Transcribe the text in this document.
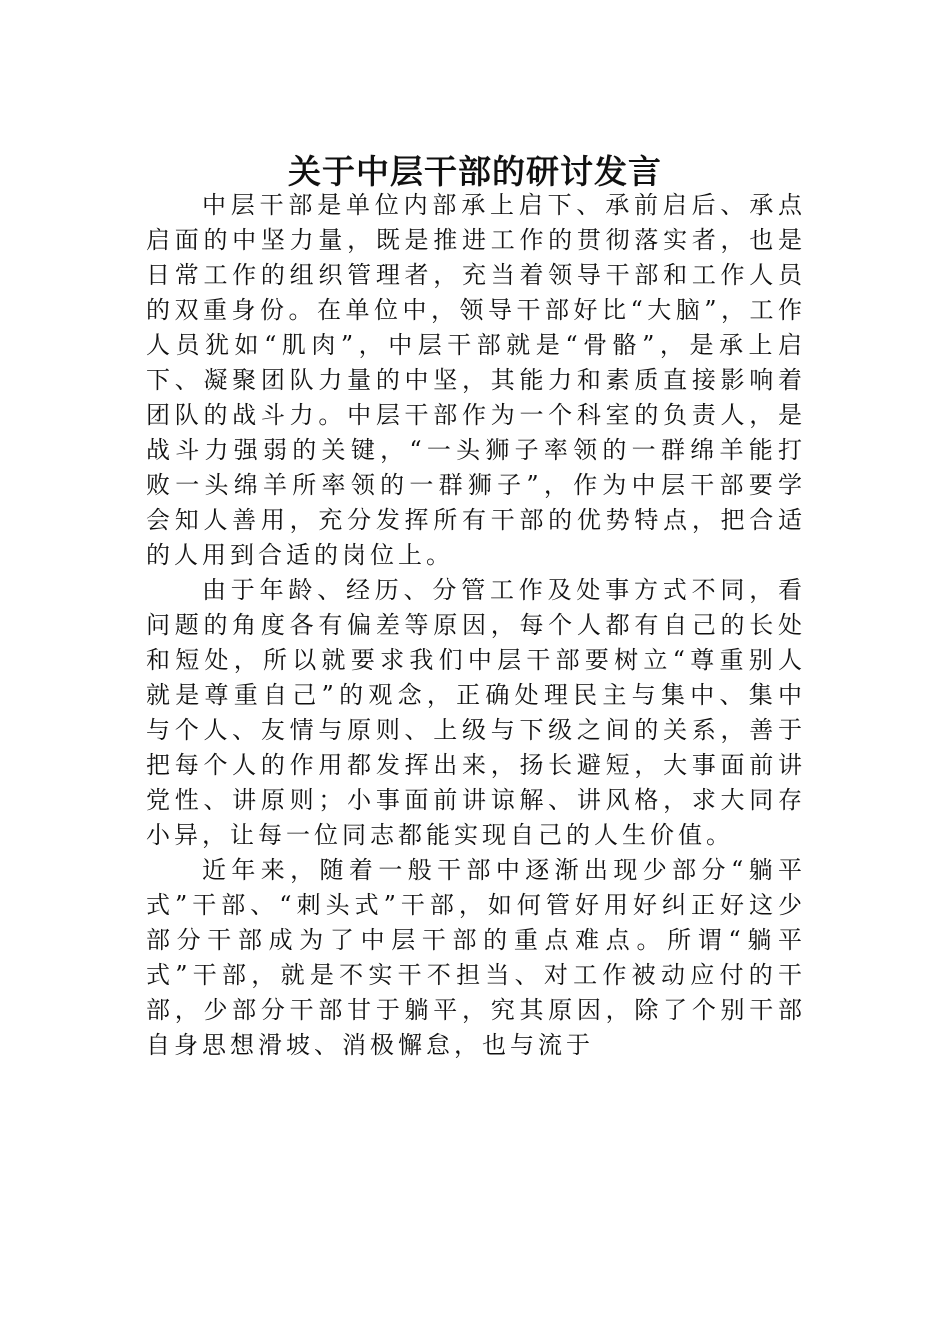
关于中层干部的研讨发言

中层干部是单位内部承上启下、承前启后、承点启面的中坚力量，既是推进工作的贯彻落实者，也是日常工作的组织管理者，充当着领导干部和工作人员的双重身份。在单位中，领导干部好比“大脑”，工作人员犹如“肌肉”，中层干部就是“骨骼”，是承上启下、凝聚团队力量的中坚，其能力和素质直接影响着团队的战斗力。中层干部作为一个科室的负责人，是战斗力强弱的关键，“一头狮子率领的一群绵羊能打败一头绵羊所率领的一群狮子”，作为中层干部要学会知人善用，充分发挥所有干部的优势特点，把合适的人用到合适的岗位上。

由于年龄、经历、分管工作及处事方式不同，看问题的角度各有偏差等原因，每个人都有自己的长处和短处，所以就要求我们中层干部要树立“尊重别人就是尊重自己”的观念，正确处理民主与集中、集中与个人、友情与原则、上级与下级之间的关系，善于把每个人的作用都发挥出来，扬长避短，大事面前讲党性、讲原则；小事面前讲谅解、讲风格，求大同存小异，让每一位同志都能实现自己的人生价值。

近年来，随着一般干部中逐渐出现少部分“躺平式”干部、“刺头式”干部，如何管好用好纠正好这少部分干部成为了中层干部的重点难点。所谓“躺平式”干部，就是不实干不担当、对工作被动应付的干部，少部分干部甘于躺平，究其原因，除了个别干部自身思想滑坡、消极懈怠，也与流于
